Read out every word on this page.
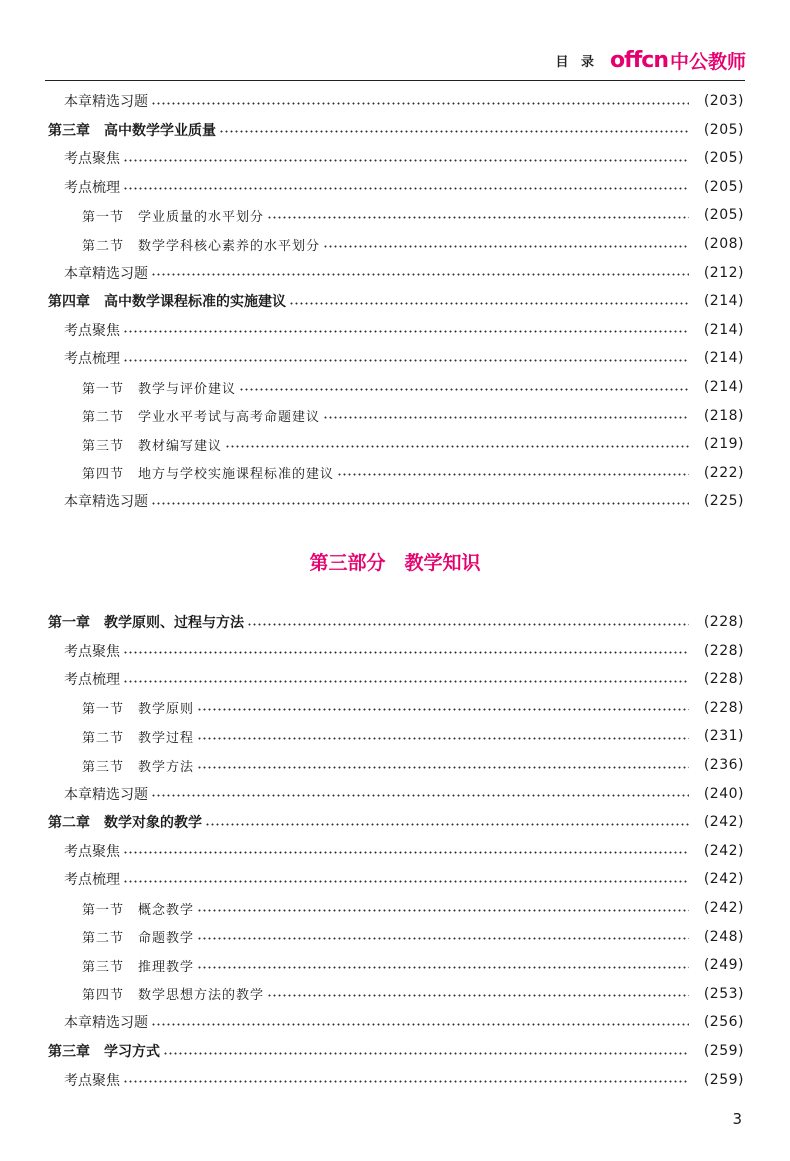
目 录 offcn 中公教师
本章精选习题	(203)
第三章　高中数学学业质量	(205)
考点聚焦	(205)
考点梳理	(205)
第一节　学业质量的水平划分	(205)
第二节　数学学科核心素养的水平划分	(208)
本章精选习题	(212)
第四章　高中数学课程标准的实施建议	(214)
考点聚焦	(214)
考点梳理	(214)
第一节　教学与评价建议	(214)
第二节　学业水平考试与高考命题建议	(218)
第三节　教材编写建议	(219)
第四节　地方与学校实施课程标准的建议	(222)
本章精选习题	(225)
第三部分　教学知识
第一章　教学原则、过程与方法	(228)
考点聚焦	(228)
考点梳理	(228)
第一节　教学原则	(228)
第二节　教学过程	(231)
第三节　教学方法	(236)
本章精选习题	(240)
第二章　数学对象的教学	(242)
考点聚焦	(242)
考点梳理	(242)
第一节　概念教学	(242)
第二节　命题教学	(248)
第三节　推理教学	(249)
第四节　数学思想方法的教学	(253)
本章精选习题	(256)
第三章　学习方式	(259)
考点聚焦	(259)
3
